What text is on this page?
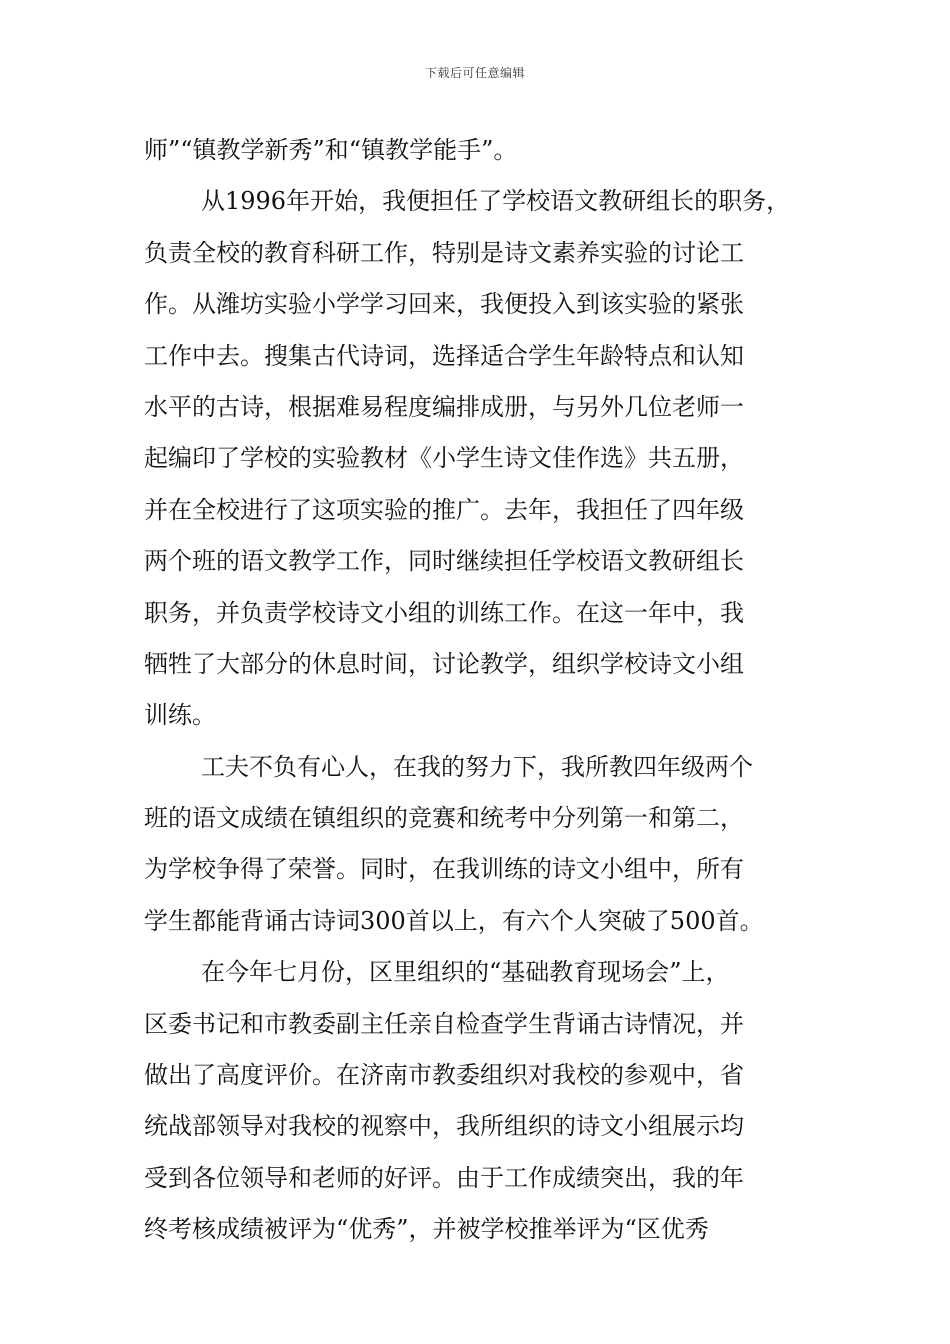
下载后可任意编辑
师”“镇教学新秀”和“镇教学能手”。
从1996年开始，我便担任了学校语文教研组长的职务，
负责全校的教育科研工作，特别是诗文素养实验的讨论工
作。从潍坊实验小学学习回来，我便投入到该实验的紧张
工作中去。搜集古代诗词，选择适合学生年龄特点和认知
水平的古诗，根据难易程度编排成册，与另外几位老师一
起编印了学校的实验教材《小学生诗文佳作选》共五册，
并在全校进行了这项实验的推广。去年，我担任了四年级
两个班的语文教学工作，同时继续担任学校语文教研组长
职务，并负责学校诗文小组的训练工作。在这一年中，我
牺牲了大部分的休息时间，讨论教学，组织学校诗文小组
训练。
工夫不负有心人，在我的努力下，我所教四年级两个
班的语文成绩在镇组织的竞赛和统考中分列第一和第二，
为学校争得了荣誉。同时，在我训练的诗文小组中，所有
学生都能背诵古诗词300首以上，有六个人突破了500首。
在今年七月份，区里组织的“基础教育现场会”上，
区委书记和市教委副主任亲自检查学生背诵古诗情况，并
做出了高度评价。在济南市教委组织对我校的参观中，省
统战部领导对我校的视察中，我所组织的诗文小组展示均
受到各位领导和老师的好评。由于工作成绩突出，我的年
终考核成绩被评为“优秀”，并被学校推举评为“区优秀
